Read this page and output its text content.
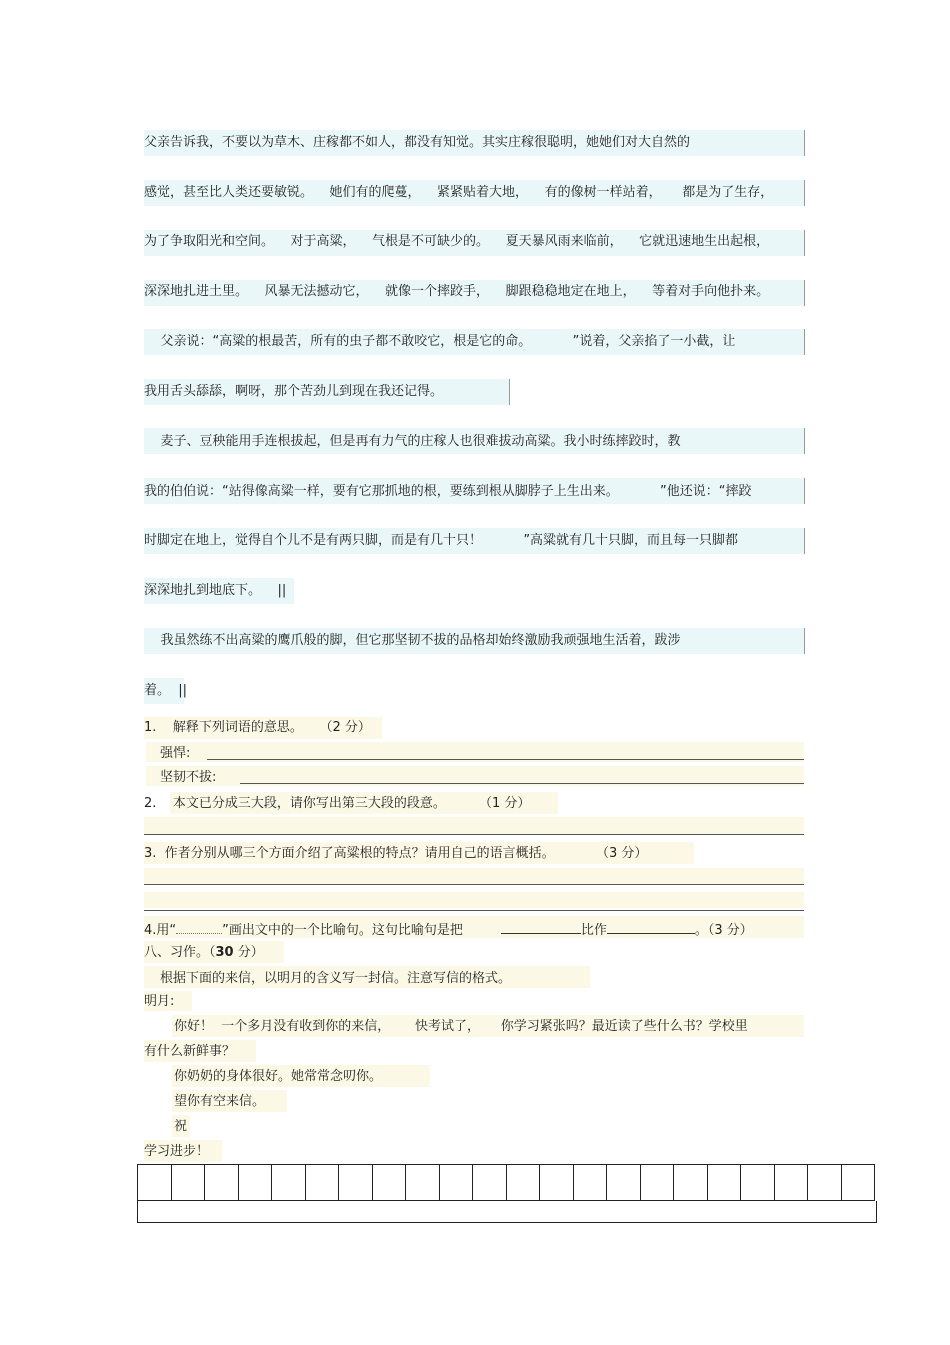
父亲告诉我，不要以为草木、庄稼都不如人，都没有知觉。其实庄稼很聪明，她她们对大自然的
感觉，甚至比人类还要敏锐。    她们有的爬蔓，    紧紧贴着大地，    有的像树一样站着，     都是为了生存，
为了争取阳光和空间。    对于高粱，    气根是不可缺少的。    夏天暴风雨来临前，    它就迅速地生出起根，
深深地扎进土里。    风暴无法撼动它，    就像一个摔跤手，    脚跟稳稳地定在地上，    等着对手向他扑来。
父亲说：“高粱的根最苦，所有的虫子都不敢咬它，根是它的命。          ”说着，父亲掐了一小截，让
我用舌头舔舔，啊呀，那个苦劲儿到现在我还记得。
麦子、豆秧能用手连根拔起，但是再有力气的庄稼人也很难拔动高粱。我小时练摔跤时，教
我的伯伯说：“站得像高粱一样，要有它那抓地的根，要练到根从脚脖子上生出来。          ”他还说：“摔跤
时脚定在地上，觉得自个儿不是有两只脚，而是有几十只！          ”高粱就有几十只脚，而且每一只脚都
深深地扎到地底下。    ||
我虽然练不出高粱的鹰爪般的脚，但它那坚韧不拔的品格却始终激励我顽强地生活着，跋涉
着。  ||
1.    解释下列词语的意思。    （2 分）
强悍:
坚韧不拔:
2.    本文已分成三大段，请你写出第三大段的段意。        （1 分）
3.  作者分别从哪三个方面介绍了高粱根的特点？请用自己的语言概括。          （3 分）
4.用“	”画出文中的一个比喻句。这句比喻句是把	比作	。（3 分）
八、习作。（30 分）
根据下面的来信，以明月的含义写一封信。注意写信的格式。
明月:
你好！  一个多月没有收到你的来信，      快考试了，     你学习紧张吗？最近读了些什么书？学校里
有什么新鲜事？
你奶奶的身体很好。她常常念叨你。
望你有空来信。
祝
学习进步！
